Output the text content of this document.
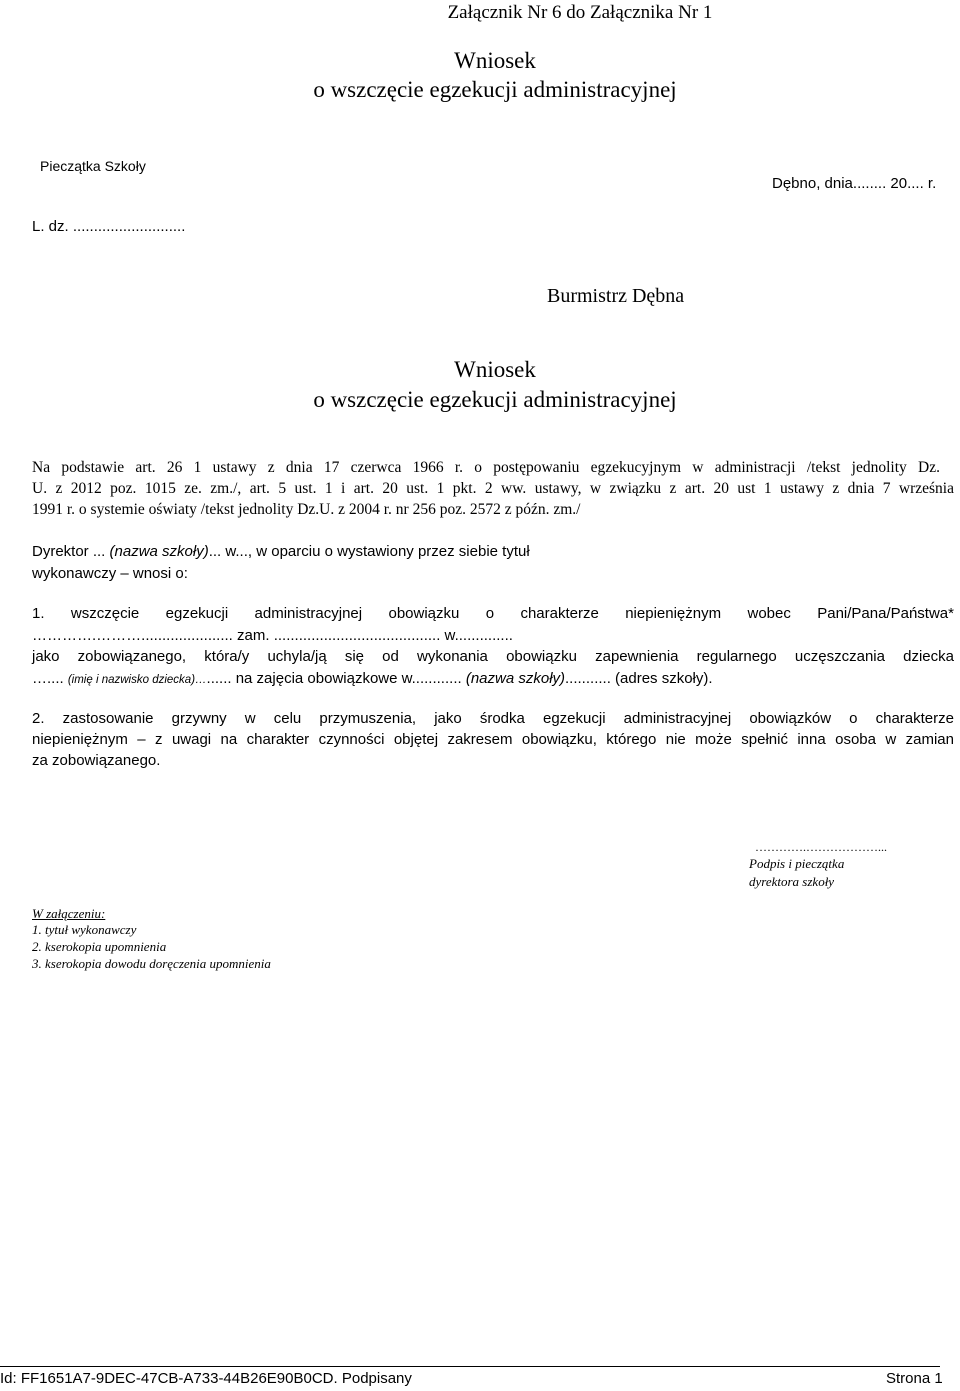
Załącznik Nr 6 do Załącznika Nr 1
Wniosek
o wszczęcie egzekucji administracyjnej
Pieczątka Szkoły
Dębno, dnia........ 20.... r.
L. dz. ...........................
Burmistrz Dębna
Wniosek
o wszczęcie egzekucji administracyjnej
Na podstawie art. 26 1 ustawy z dnia 17 czerwca 1966 r. o postępowaniu egzekucyjnym w administracji /tekst jednolity Dz.
U. z 2012 poz. 1015 ze. zm./, art. 5 ust. 1 i art. 20 ust. 1 pkt. 2 ww. ustawy, w związku z art. 20 ust 1 ustawy z dnia 7 września
1991 r. o systemie oświaty /tekst jednolity Dz.U. z 2004 r. nr 256 poz. 2572 z późn. zm./
Dyrektor ... (nazwa szkoły)... w..., w oparciu o wystawiony przez siebie tytuł
wykonawczy – wnosi o:
1. wszczęcie egzekucji administracyjnej obowiązku o charakterze niepieniężnym wobec Pani/Pana/Państwa*
………….………...................... zam. ........................................ w..............
jako zobowiązanego, która/y uchyla/ją się od wykonania obowiązku zapewnienia regularnego uczęszczania dziecka
….... (imię i nazwisko dziecka)…...... na zajęcia obowiązkowe w............ (nazwa szkoły)........... (adres szkoły).
2. zastosowanie grzywny w celu przymuszenia, jako środka egzekucji administracyjnej obowiązków o charakterze
niepieniężnym – z uwagi na charakter czynności objętej zakresem obowiązku, którego nie może spełnić inna osoba w zamian
za zobowiązanego.
………….………………...
Podpis i pieczątka
dyrektora szkoły
W załączeniu:
1. tytuł wykonawczy
2. kserokopia upomnienia
3. kserokopia dowodu doręczenia upomnienia
Id: FF1651A7-9DEC-47CB-A733-44B26E90B0CD. Podpisany	Strona 1
